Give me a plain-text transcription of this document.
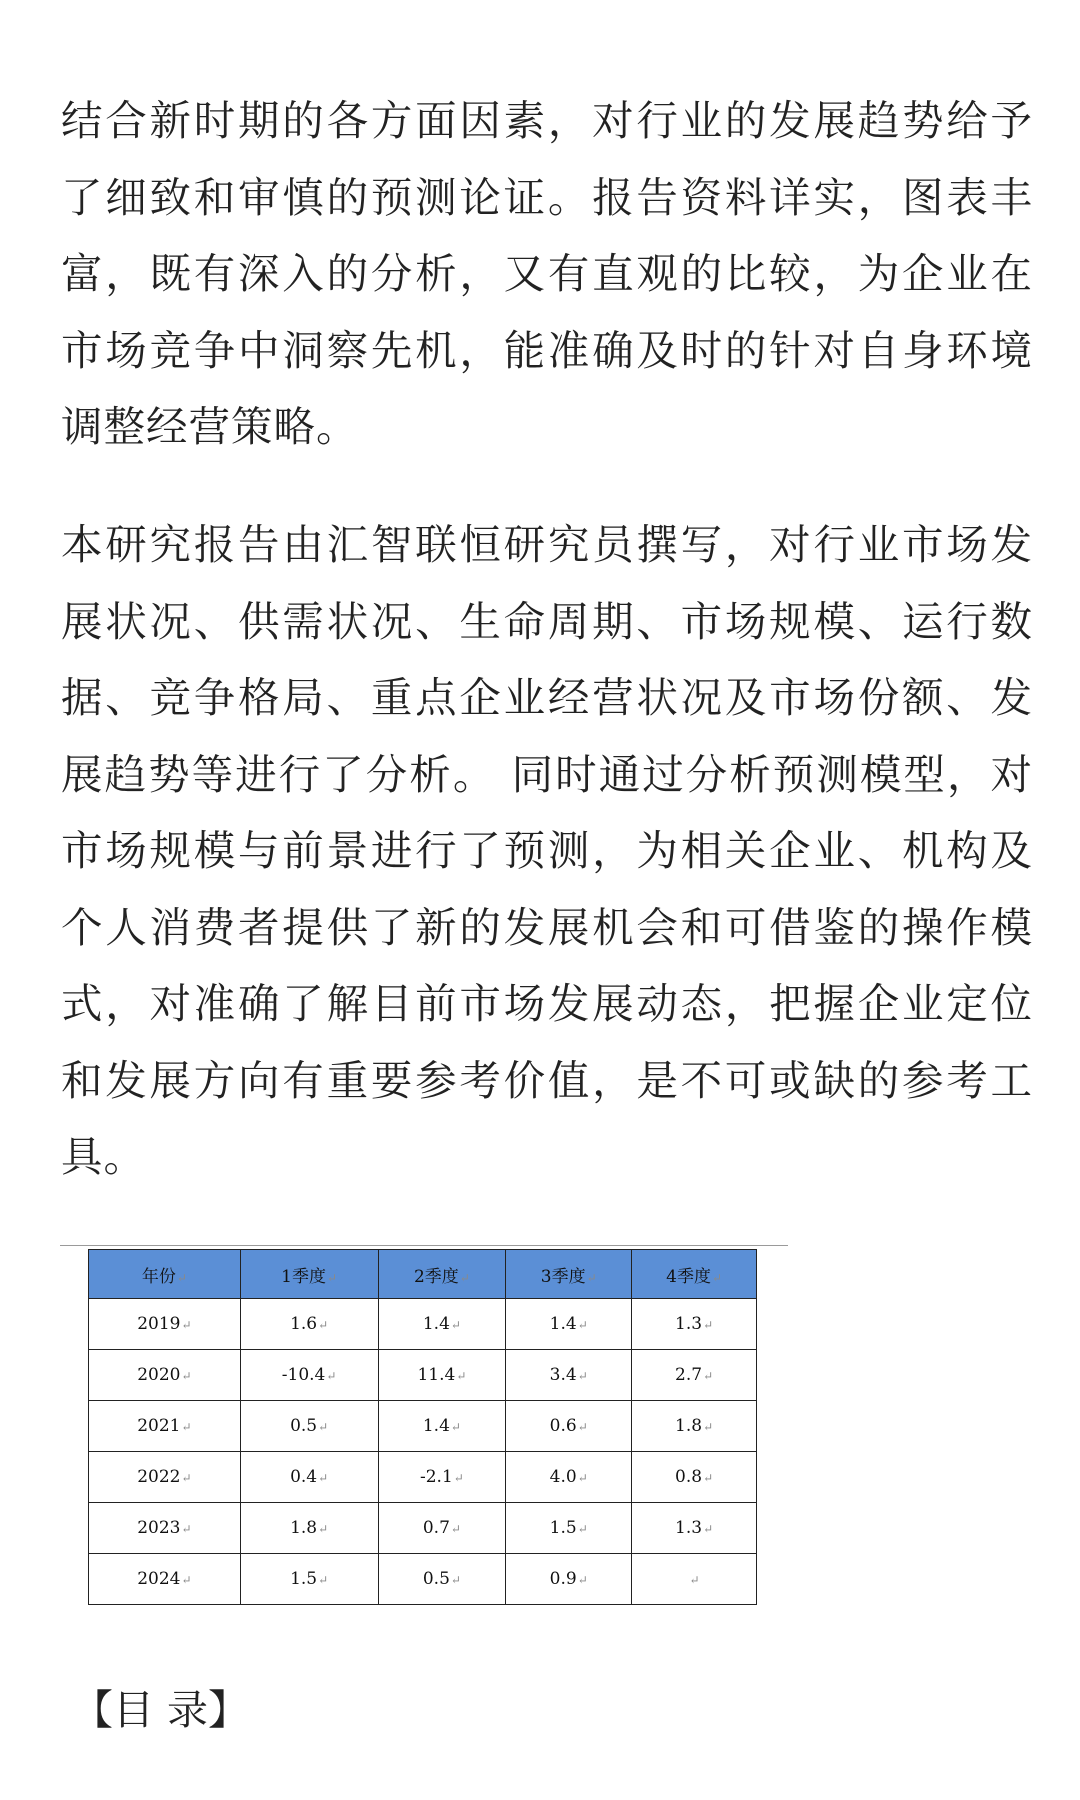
结合新时期的各方面因素，对行业的发展趋势给予了细致和审慎的预测论证。报告资料详实，图表丰富，既有深入的分析，又有直观的比较，为企业在市场竞争中洞察先机，能准确及时的针对自身环境调整经营策略。

本研究报告由汇智联恒研究员撰写，对行业市场发展状况、供需状况、生命周期、市场规模、运行数据、竞争格局、重点企业经营状况及市场份额、发展趋势等进行了分析。 同时通过分析预测模型，对市场规模与前景进行了预测，为相关企业、机构及个人消费者提供了新的发展机会和可借鉴的操作模式，对准确了解目前市场发展动态，把握企业定位和发展方向有重要参考价值，是不可或缺的参考工具。

年份↵	1季度↵	2季度↵	3季度↵	4季度↵
2019↵	1.6↵	1.4↵	1.4↵	1.3↵
2020↵	-10.4↵	11.4↵	3.4↵	2.7↵
2021↵	0.5↵	1.4↵	0.6↵	1.8↵
2022↵	0.4↵	-2.1↵	4.0↵	0.8↵
2023↵	1.8↵	0.7↵	1.5↵	1.3↵
2024↵	1.5↵	0.5↵	0.9↵	↵
【目 录】
